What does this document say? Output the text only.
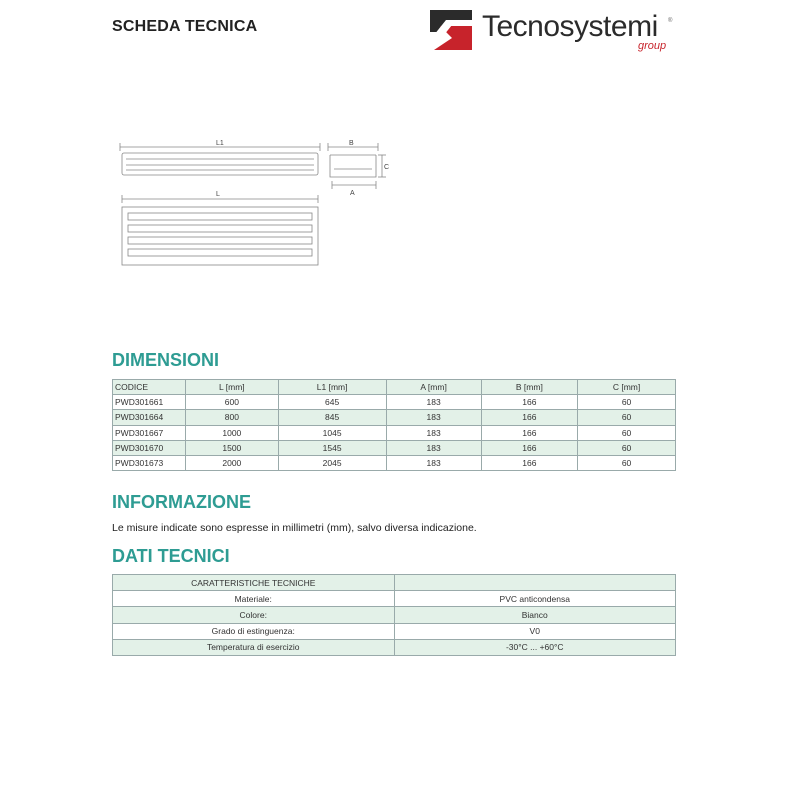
SCHEDA TECNICA	Tecnosystemi ®
group
L1
L
B
A
C
DIMENSIONI
CODICE	L [mm]	L1 [mm]	A [mm]	B [mm]	C [mm]
PWD301661	600	645	183	166	60
PWD301664	800	845	183	166	60
PWD301667	1000	1045	183	166	60
PWD301670	1500	1545	183	166	60
PWD301673	2000	2045	183	166	60
INFORMAZIONE
Le misure indicate sono espresse in millimetri (mm), salvo diversa indicazione.
DATI TECNICI
CARATTERISTICHE TECNICHE	
Materiale:	PVC anticondensa
Colore:	Bianco
Grado di estinguenza:	V0
Temperatura di esercizio	-30°C ... +60°C
